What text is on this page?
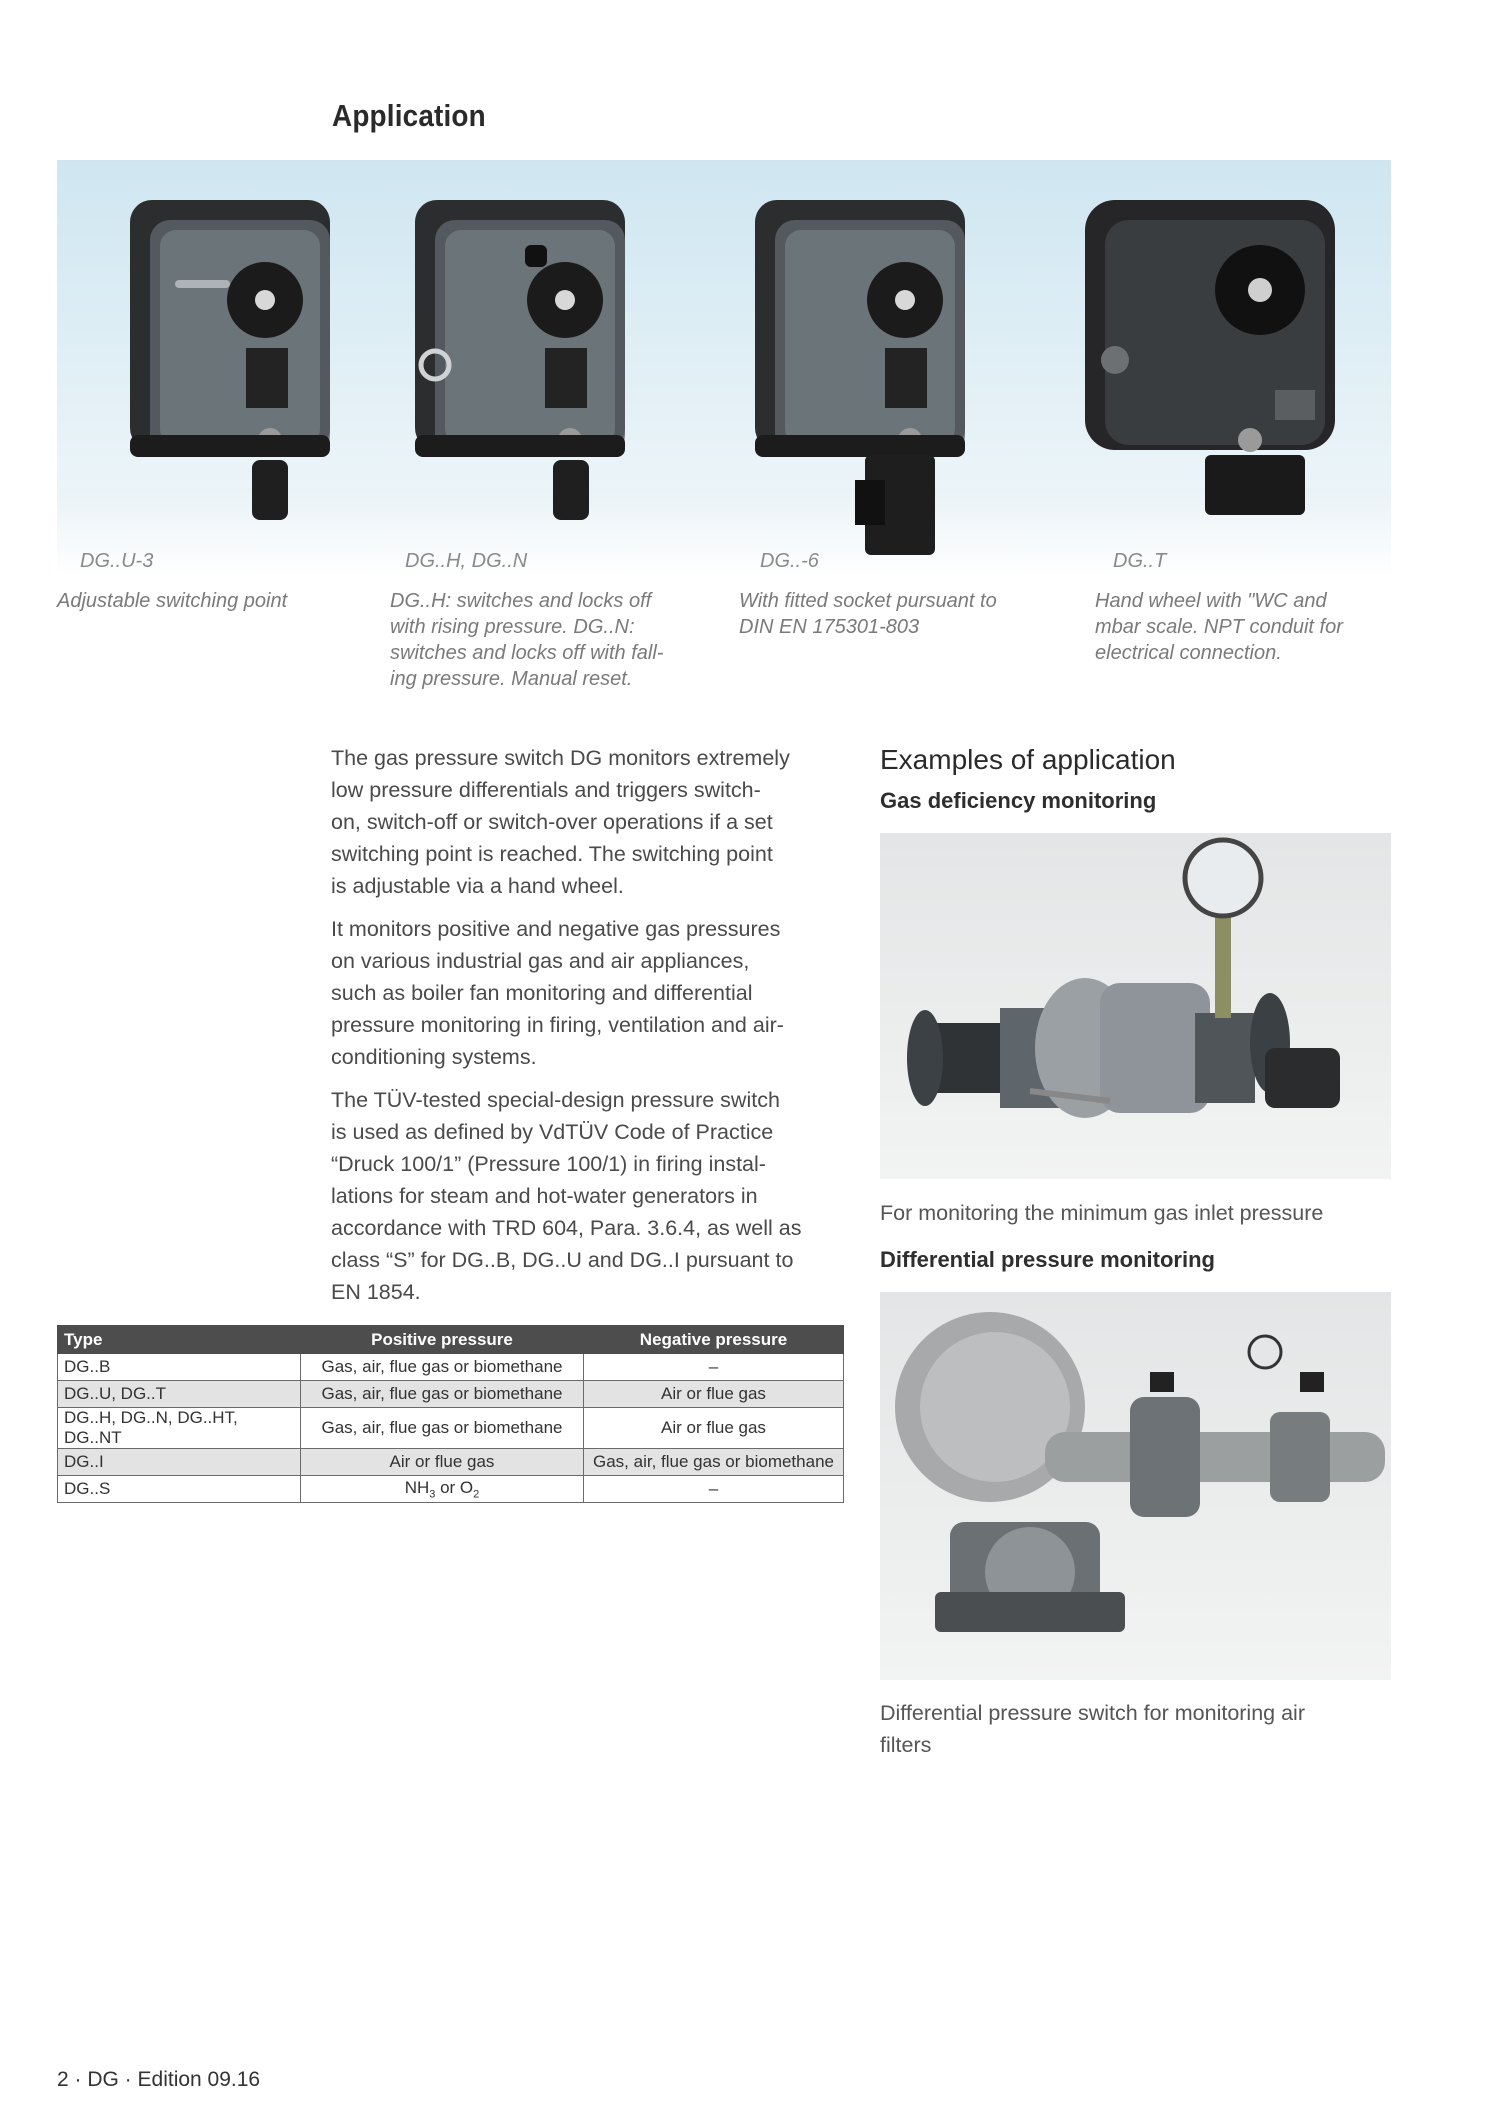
Application
DG..U-3	DG..H, DG..N	DG..-6	DG..T
Adjustable switching point	DG..H: switches and locks off
with rising pressure. DG..N:
switches and locks off with fall-
ing pressure. Manual reset.
With fitted socket pursuant to
DIN EN 175301-803
Hand wheel with "WC and
mbar scale. NPT conduit for
electrical connection.
The gas pressure switch DG monitors extremely
low pressure differentials and triggers switch-
on, switch-off or switch-over operations if a set
switching point is reached. The switching point
is adjustable via a hand wheel.
It monitors positive and negative gas pressures
on various industrial gas and air appliances,
such as boiler fan monitoring and differential
pressure monitoring in firing, ventilation and air-
conditioning systems.
The TÜV-tested special-design pressure switch
is used as defined by VdTÜV Code of Practice
“Druck 100/1” (Pressure 100/1) in firing instal-
lations for steam and hot-water generators in
accordance with TRD 604, Para. 3.6.4, as well as
class “S” for DG..B, DG..U and DG..I pursuant to
EN 1854.
Type	Positive pressure	Negative pressure
DG..B	Gas, air, flue gas or biomethane	–
DG..U, DG..T	Gas, air, flue gas or biomethane	Air or flue gas
DG..H, DG..N, DG..HT, DG..NT	Gas, air, flue gas or biomethane	Air or flue gas
DG..I	Air or flue gas	Gas, air, flue gas or biomethane
DG..S	$NH_3$ or $O_2$	–
Examples of application
Gas deficiency monitoring

For monitoring the minimum gas inlet pressure

Differential pressure monitoring
Differential pressure switch for monitoring air
filters
2 · DG · Edition 09.16
